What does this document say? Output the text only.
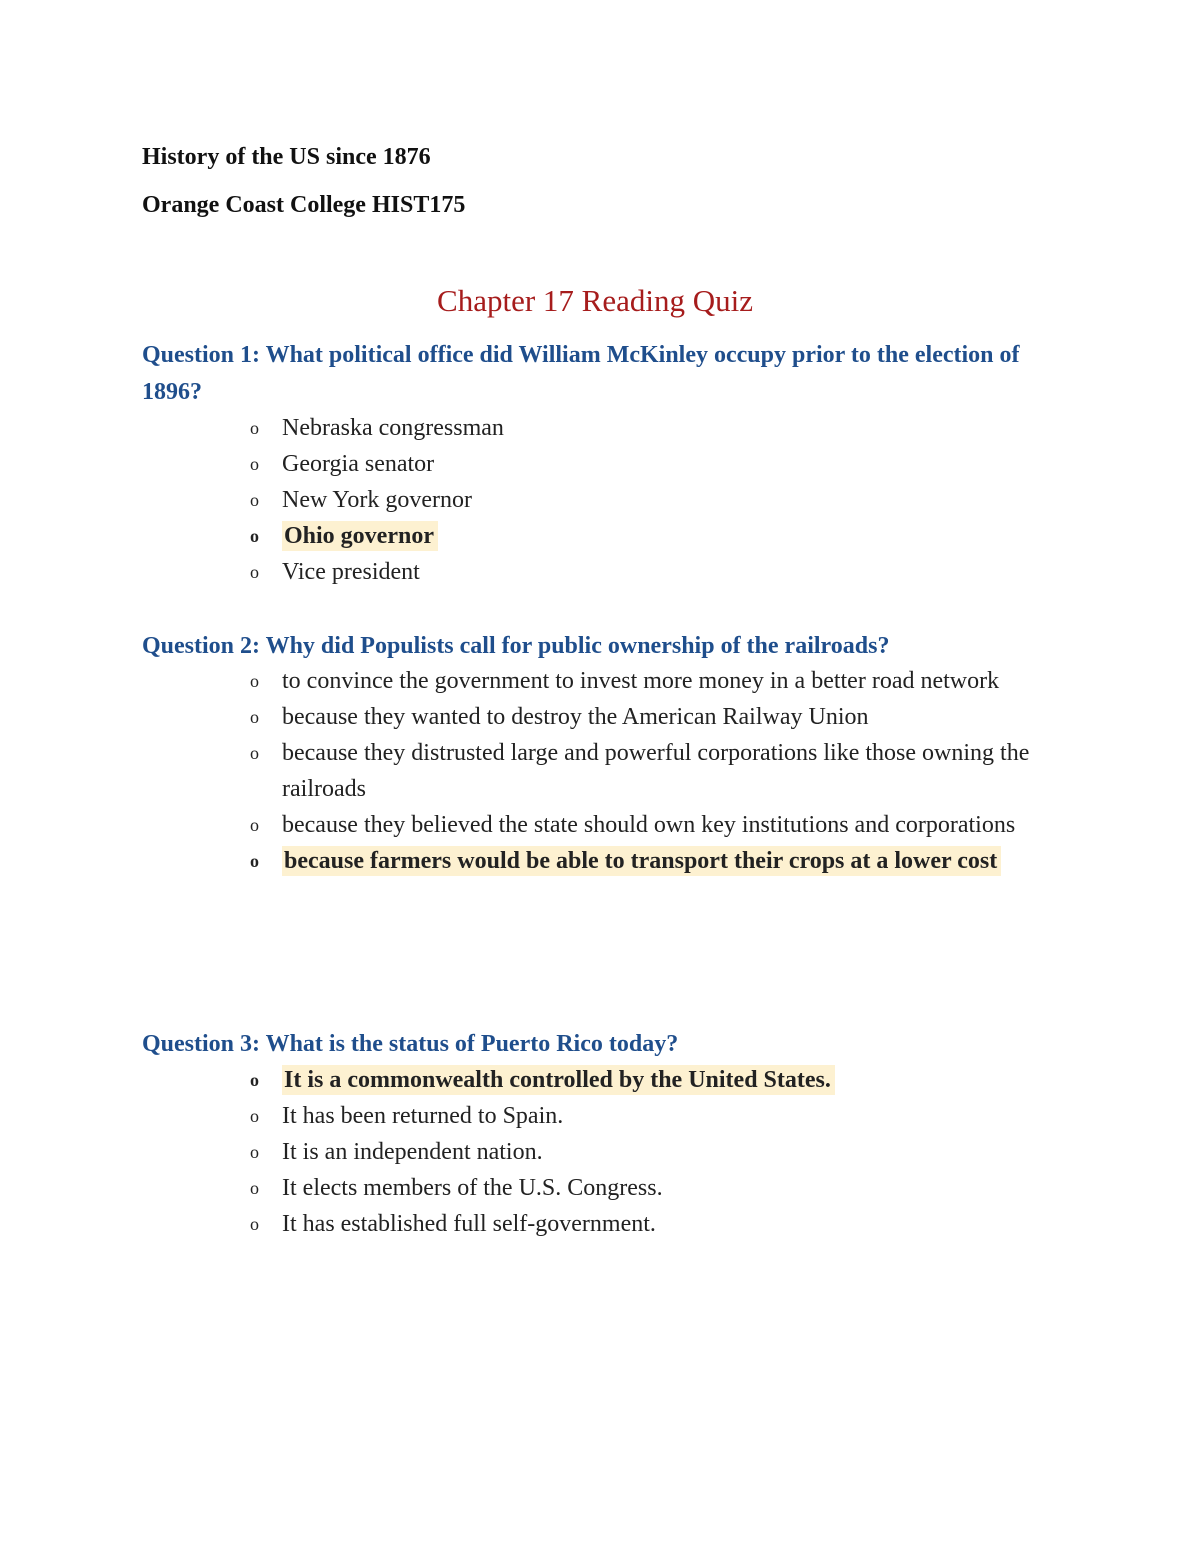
History of the US since 1876
Orange Coast College HIST175
Chapter 17 Reading Quiz
Question 1: What political office did William McKinley occupy prior to the election of 1896?
o Nebraska congressman
o Georgia senator
o New York governor
o Ohio governor
o Vice president
Question 2: Why did Populists call for public ownership of the railroads?
o to convince the government to invest more money in a better road network
o because they wanted to destroy the American Railway Union
o because they distrusted large and powerful corporations like those owning the railroads
o because they believed the state should own key institutions and corporations
o because farmers would be able to transport their crops at a lower cost
Question 3: What is the status of Puerto Rico today?
o It is a commonwealth controlled by the United States.
o It has been returned to Spain.
o It is an independent nation.
o It elects members of the U.S. Congress.
o It has established full self-government.
